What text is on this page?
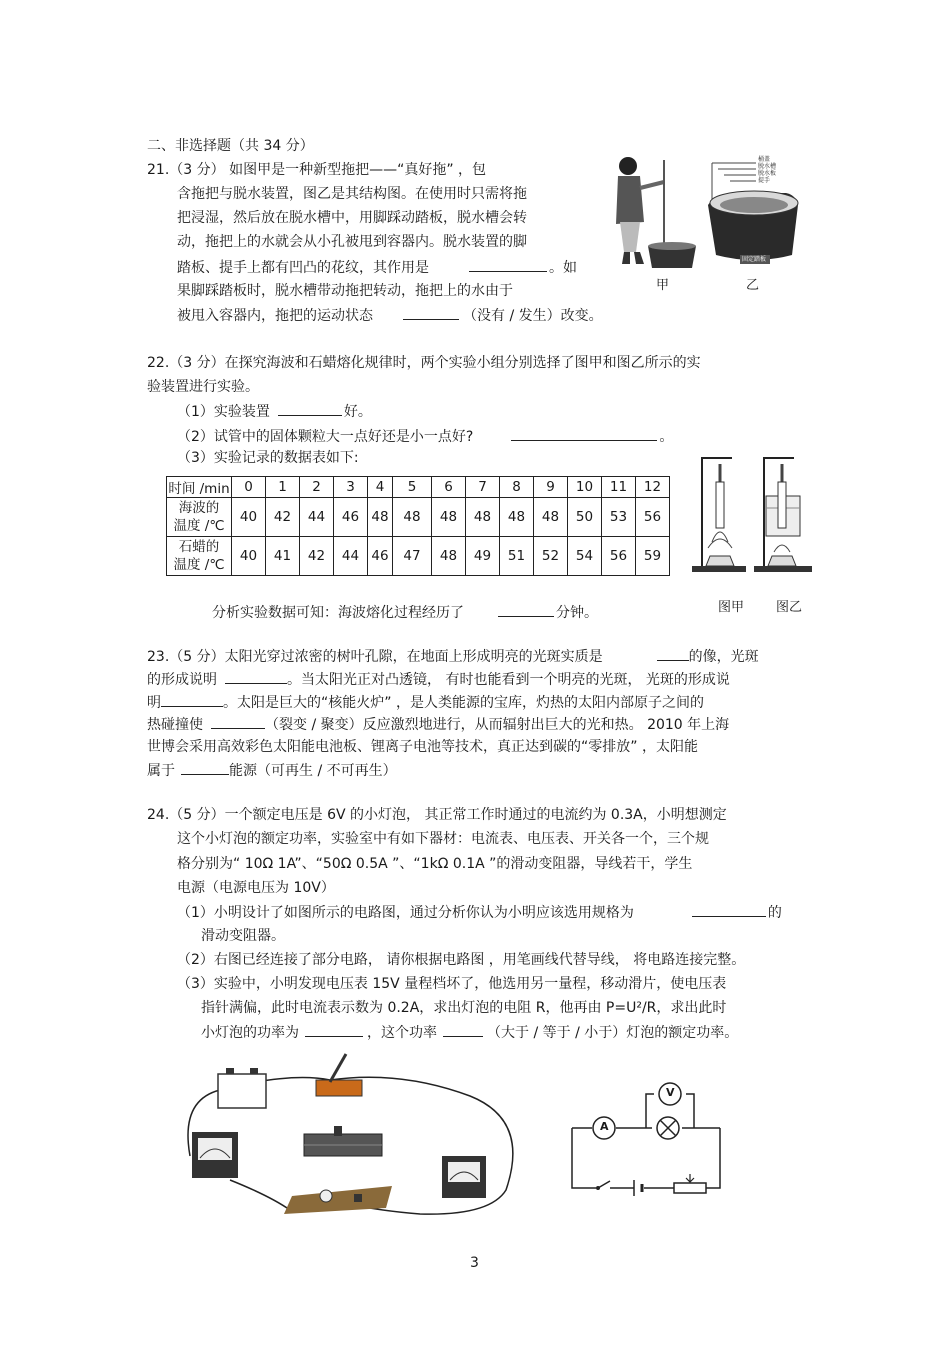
二、非选择题（共 34 分）
21.（3 分） 如图甲是一种新型拖把——“真好拖” ，包
含拖把与脱水装置，图乙是其结构图。在使用时只需将拖
把浸湿，然后放在脱水槽中，用脚踩动踏板，脱水槽会转
动，拖把上的水就会从小孔被甩到容器内。脱水装置的脚
踏板、提手上都有凹凸的花纹，其作用是	。如
果脚踩踏板时，脱水槽带动拖把转动，拖把上的水由于
被甩入容器内，拖把的运动状态	（没有 / 发生）改变。
甲
桶盖
脱水槽
脱水板
提手
固定踏板
乙
22.（3 分）在探究海波和石蜡熔化规律时，两个实验小组分别选择了图甲和图乙所示的实
验装置进行实验。
（1）实验装置	好。
（2）试管中的固体颗粒大一点好还是小一点好?	。
（3）实验记录的数据表如下:
时间 /min	0	1	2	3	4	5	6	7	8	9	10	11	12
海波的
温度 /℃	40	42	44	46	48	48	48	48	48	48	50	53	56
石蜡的
温度 /℃	40	41	42	44	46	47	48	49	51	52	54	56	59
图甲 图乙
分析实验数据可知：海波熔化过程经历了	分钟。
23.（5 分）太阳光穿过浓密的树叶孔隙，在地面上形成明亮的光斑实质是	的像，光斑
的形成说明	。当太阳光正对凸透镜， 有时也能看到一个明亮的光斑， 光斑的形成说
明	。太阳是巨大的“核能火炉” ，是人类能源的宝库，灼热的太阳内部原子之间的
热碰撞使	（裂变 / 聚变）反应激烈地进行，从而辐射出巨大的光和热。 2010 年上海
世博会采用高效彩色太阳能电池板、锂离子电池等技术，真正达到碳的“零排放” ，太阳能
属于	能源（可再生 / 不可再生）
24.（5 分）一个额定电压是 6V 的小灯泡， 其正常工作时通过的电流约为 0.3A，小明想测定
这个小灯泡的额定功率，实验室中有如下器材：电流表、电压表、开关各一个，三个规
格分别为“ 10Ω 1A”、“50Ω 0.5A ”、“1kΩ 0.1A ”的滑动变阻器，导线若干，学生
电源（电源电压为 10V）
（1）小明设计了如图所示的电路图，通过分析你认为小明应该选用规格为	的
滑动变阻器。
（2）右图已经连接了部分电路， 请你根据电路图 ，用笔画线代替导线， 将电路连接完整。
（3）实验中，小明发现电压表 15V 量程档坏了，他选用另一量程，移动滑片，使电压表
指针满偏，此时电流表示数为 0.2A，求出灯泡的电阻 R，他再由 P=U²/R，求出此时
小灯泡的功率为	，这个功率	（大于 / 等于 / 小于）灯泡的额定功率。
A
V
3
